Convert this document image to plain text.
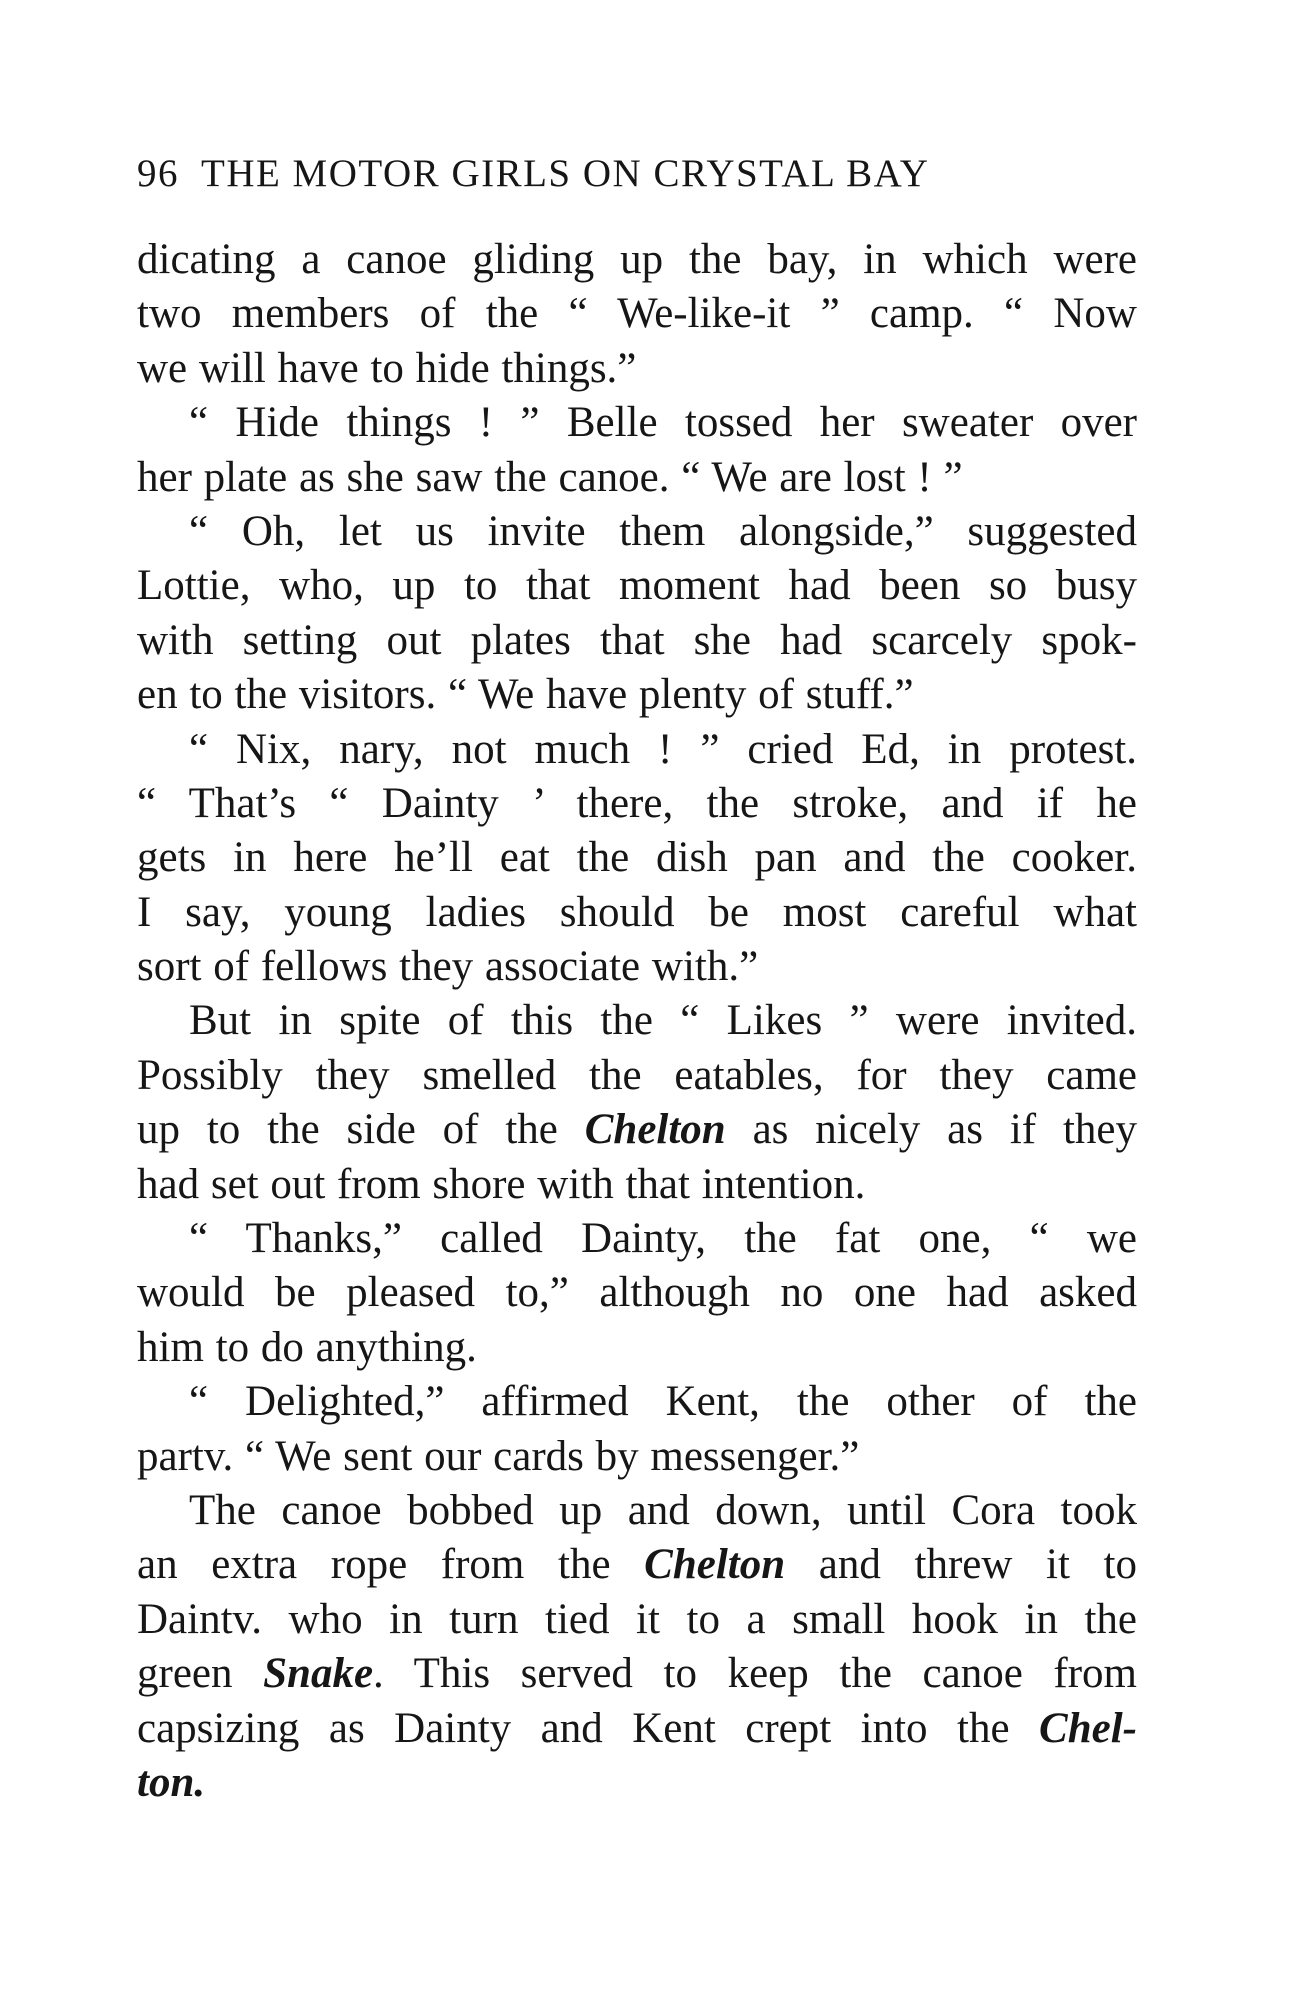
96 THE MOTOR GIRLS ON CRYSTAL BAY
dicating a canoe gliding up the bay, in which were
two members of the “ We-like-it ” camp. “ Now
we will have to hide things.”
“ Hide things ! ” Belle tossed her sweater over
her plate as she saw the canoe. “ We are lost ! ”
“ Oh, let us invite them alongside,” suggested
Lottie, who, up to that moment had been so busy
with setting out plates that she had scarcely spok-
en to the visitors. “ We have plenty of stuff.”
“ Nix, nary, not much ! ” cried Ed, in protest.
“ That’s “ Dainty ’ there, the stroke, and if he
gets in here he’ll eat the dish pan and the cooker.
I say, young ladies should be most careful what
sort of fellows they associate with.”
But in spite of this the “ Likes ” were invited.
Possibly they smelled the eatables, for they came
up to the side of the Chelton as nicely as if they
had set out from shore with that intention.
“ Thanks,” called Dainty, the fat one, “ we
would be pleased to,” although no one had asked
him to do anything.
“ Delighted,” affirmed Kent, the other of the
partv. “ We sent our cards by messenger.”
The canoe bobbed up and down, until Cora took
an extra rope from the Chelton and threw it to
Daintv. who in turn tied it to a small hook in the
green Snake. This served to keep the canoe from
capsizing as Dainty and Kent crept into the Chel-
ton.
